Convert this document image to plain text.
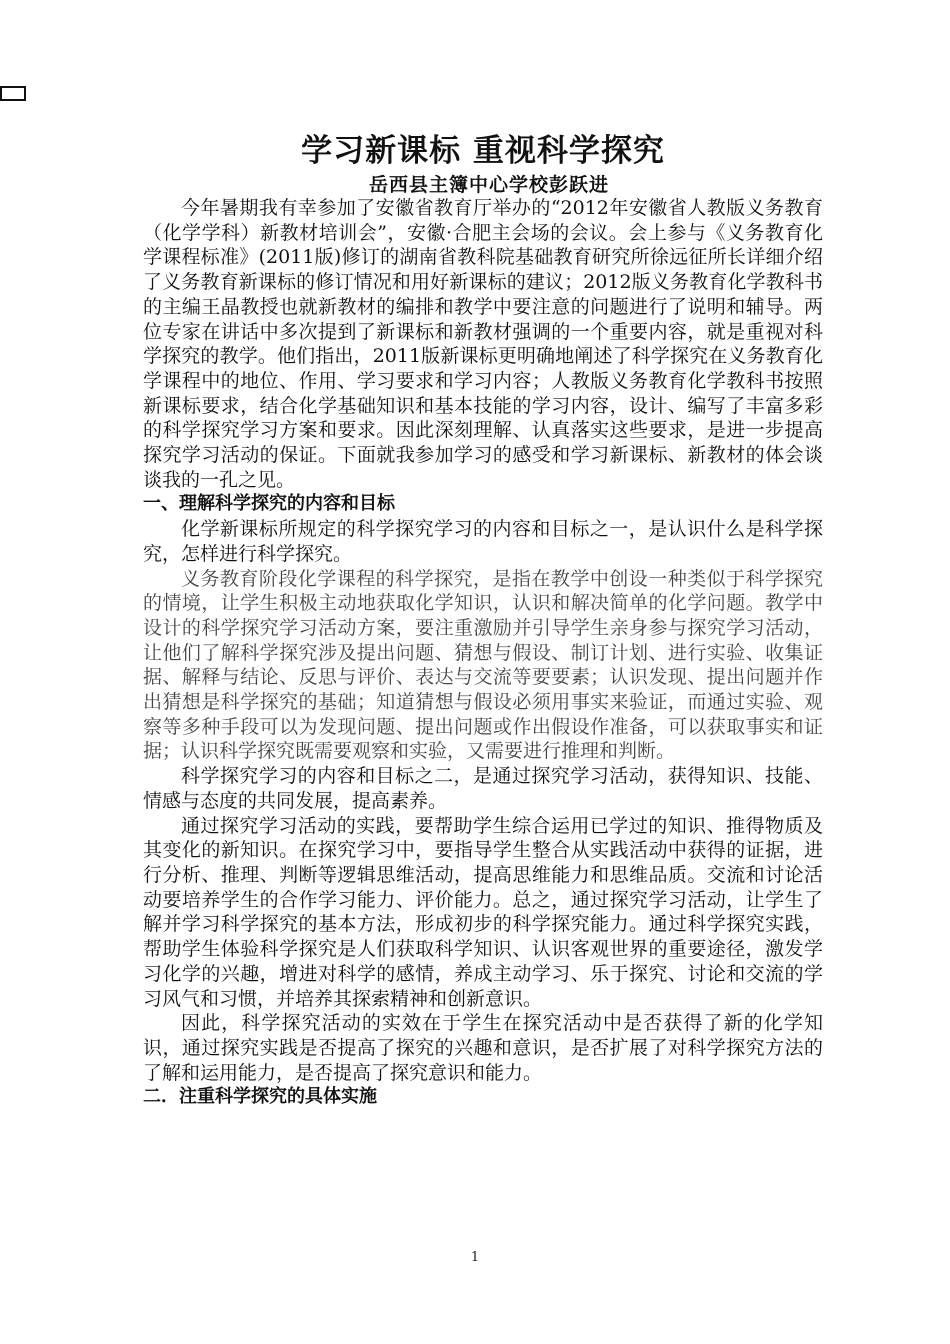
学习新课标 重视科学探究

岳西县主簿中心学校彭跃进

今年暑期我有幸参加了安徽省教育厅举办的“2012年安徽省人教版义务教育（化学学科）新教材培训会”，安徽·合肥主会场的会议。会上参与《义务教育化学课程标准》(2011版)修订的湖南省教科院基础教育研究所徐远征所长详细介绍了义务教育新课标的修订情况和用好新课标的建议；2012版义务教育化学教科书的主编王晶教授也就新教材的编排和教学中要注意的问题进行了说明和辅导。两位专家在讲话中多次提到了新课标和新教材强调的一个重要内容，就是重视对科学探究的教学。他们指出，2011版新课标更明确地阐述了科学探究在义务教育化学课程中的地位、作用、学习要求和学习内容；人教版义务教育化学教科书按照新课标要求，结合化学基础知识和基本技能的学习内容，设计、编写了丰富多彩的科学探究学习方案和要求。因此深刻理解、认真落实这些要求，是进一步提高探究学习活动的保证。下面就我参加学习的感受和学习新课标、新教材的体会谈谈我的一孔之见。

一、理解科学探究的内容和目标

化学新课标所规定的科学探究学习的内容和目标之一，是认识什么是科学探究，怎样进行科学探究。

义务教育阶段化学课程的科学探究，是指在教学中创设一种类似于科学探究的情境，让学生积极主动地获取化学知识，认识和解决简单的化学问题。教学中设计的科学探究学习活动方案，要注重激励并引导学生亲身参与探究学习活动，让他们了解科学探究涉及提出问题、猜想与假设、制订计划、进行实验、收集证据、解释与结论、反思与评价、表达与交流等要要素；认识发现、提出问题并作出猜想是科学探究的基础；知道猜想与假设必须用事实来验证，而通过实验、观察等多种手段可以为发现问题、提出问题或作出假设作准备，可以获取事实和证据；认识科学探究既需要观察和实验，又需要进行推理和判断。

科学探究学习的内容和目标之二，是通过探究学习活动，获得知识、技能、情感与态度的共同发展，提高素养。

通过探究学习活动的实践，要帮助学生综合运用已学过的知识、推得物质及其变化的新知识。在探究学习中，要指导学生整合从实践活动中获得的证据，进行分析、推理、判断等逻辑思维活动，提高思维能力和思维品质。交流和讨论活动要培养学生的合作学习能力、评价能力。总之，通过探究学习活动，让学生了解并学习科学探究的基本方法，形成初步的科学探究能力。通过科学探究实践，帮助学生体验科学探究是人们获取科学知识、认识客观世界的重要途径，激发学习化学的兴趣，增进对科学的感情，养成主动学习、乐于探究、讨论和交流的学习风气和习惯，并培养其探索精神和创新意识。

因此，科学探究活动的实效在于学生在探究活动中是否获得了新的化学知识，通过探究实践是否提高了探究的兴趣和意识，是否扩展了对科学探究方法的了解和运用能力，是否提高了探究意识和能力。

二．注重科学探究的具体实施

1
